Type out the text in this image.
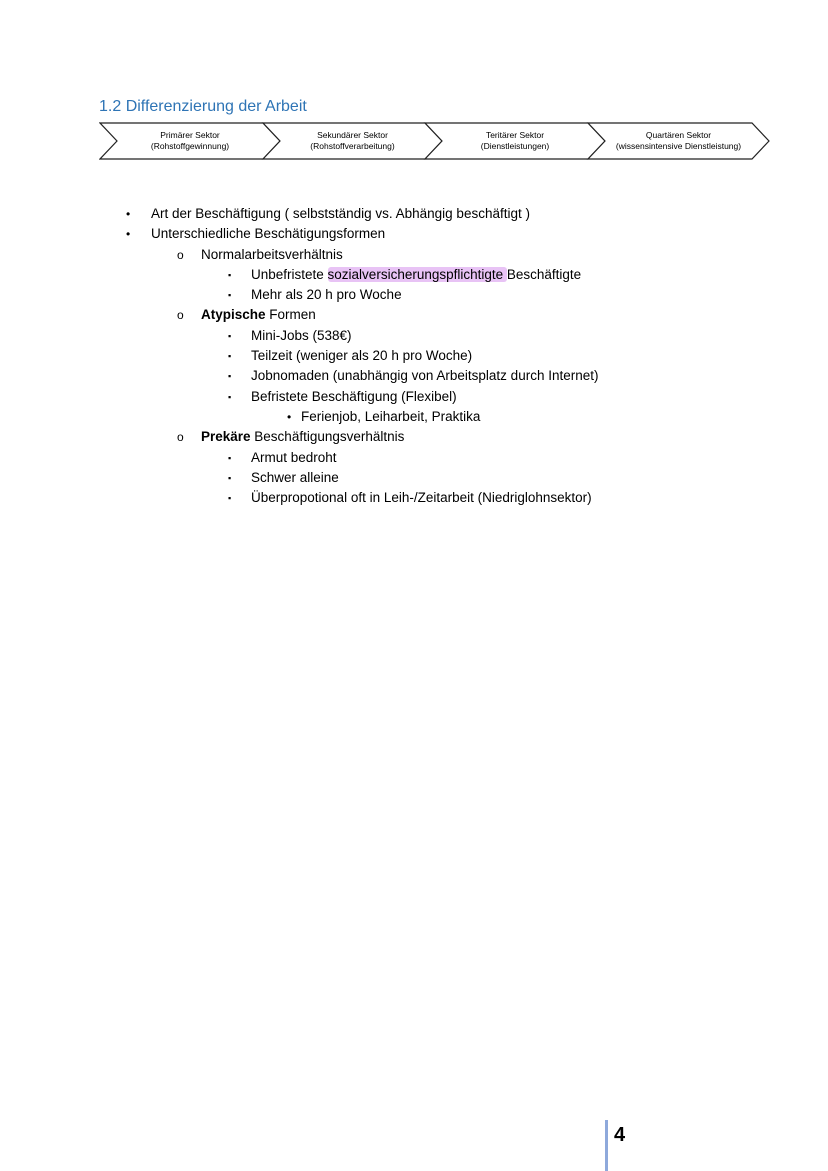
1.2 Differenzierung der Arbeit
Primärer Sektor
(Rohstoffgewinnung)
Sekundärer Sektor
(Rohstoffverarbeitung)
Teritärer Sektor
(Dienstleistungen)
Quartären Sektor
(wissensintensive Dienstleistung)
• Art der Beschäftigung ( selbstständig vs. Abhängig beschäftigt )
• Unterschiedliche Beschätigungsformen
o Normalarbeitsverhältnis
▪ Unbefristete sozialversicherungspflichtigte Beschäftigte
▪ Mehr als 20 h pro Woche
o Atypische Formen
▪ Mini-Jobs (538€)
▪ Teilzeit (weniger als 20 h pro Woche)
▪ Jobnomaden (unabhängig von Arbeitsplatz durch Internet)
▪ Befristete Beschäftigung (Flexibel)
• Ferienjob, Leiharbeit, Praktika
o Prekäre Beschäftigungsverhältnis
▪ Armut bedroht
▪ Schwer alleine
▪ Überpropotional oft in Leih-/Zeitarbeit (Niedriglohnsektor)
4
